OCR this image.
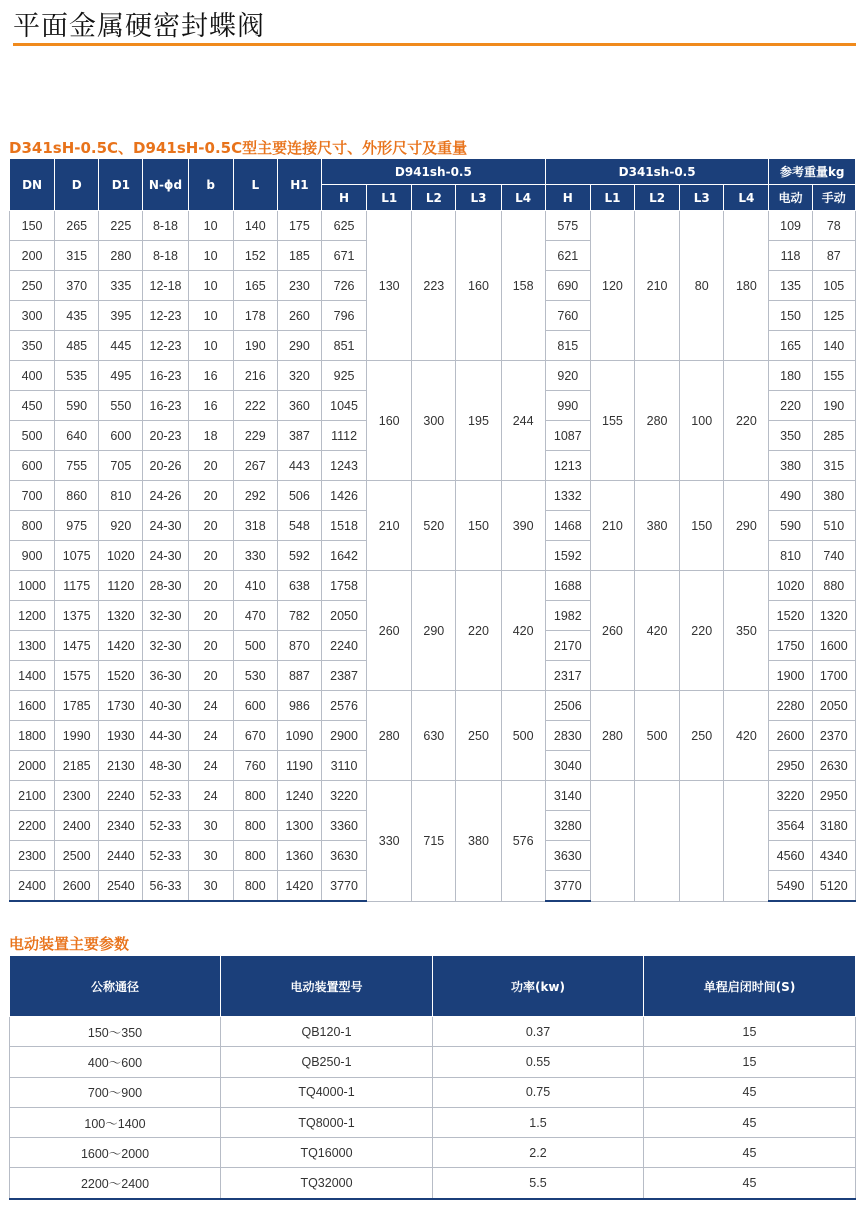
平面金属硬密封蝶阀
D341sH-0.5C、D941sH-0.5C型主要连接尺寸、外形尺寸及重量
DN	D	D1	N-ϕd	b	L	H1	D941sh-0.5					D341sh-0.5					参考重量kg	
							H	L1	L2	L3	L4	H	L1	L2	L3	L4	电动	手动
150	265	225	8-18	10	140	175	625	130	223	160	158	575	120	210	80	180	109	78
200	315	280	8-18	10	152	185	671					621					118	87
250	370	335	12-18	10	165	230	726					690					135	105
300	435	395	12-23	10	178	260	796					760					150	125
350	485	445	12-23	10	190	290	851					815					165	140
400	535	495	16-23	16	216	320	925	160	300	195	244	920	155	280	100	220	180	155
450	590	550	16-23	16	222	360	1045					990					220	190
500	640	600	20-23	18	229	387	1112					1087					350	285
600	755	705	20-26	20	267	443	1243					1213					380	315
700	860	810	24-26	20	292	506	1426	210	520	150	390	1332	210	380	150	290	490	380
800	975	920	24-30	20	318	548	1518					1468					590	510
900	1075	1020	24-30	20	330	592	1642					1592					810	740
1000	1175	1120	28-30	20	410	638	1758	260	290	220	420	1688	260	420	220	350	1020	880
1200	1375	1320	32-30	20	470	782	2050					1982					1520	1320
1300	1475	1420	32-30	20	500	870	2240					2170					1750	1600
1400	1575	1520	36-30	20	530	887	2387					2317					1900	1700
1600	1785	1730	40-30	24	600	986	2576	280	630	250	500	2506	280	500	250	420	2280	2050
1800	1990	1930	44-30	24	670	1090	2900					2830					2600	2370
2000	2185	2130	48-30	24	760	1190	3110					3040					2950	2630
2100	2300	2240	52-33	24	800	1240	3220	330	715	380	576	3140					3220	2950
2200	2400	2340	52-33	30	800	1300	3360					3280					3564	3180
2300	2500	2440	52-33	30	800	1360	3630					3630					4560	4340
2400	2600	2540	56-33	30	800	1420	3770					3770					5490	5120
电动装置主要参数
公称通径	电动装置型号	功率(kw)	单程启闭时间(S)
150～350	QB120-1	0.37	15
400～600	QB250-1	0.55	15
700～900	TQ4000-1	0.75	45
100～1400	TQ8000-1	1.5	45
1600～2000	TQ16000	2.2	45
2200～2400	TQ32000	5.5	45
